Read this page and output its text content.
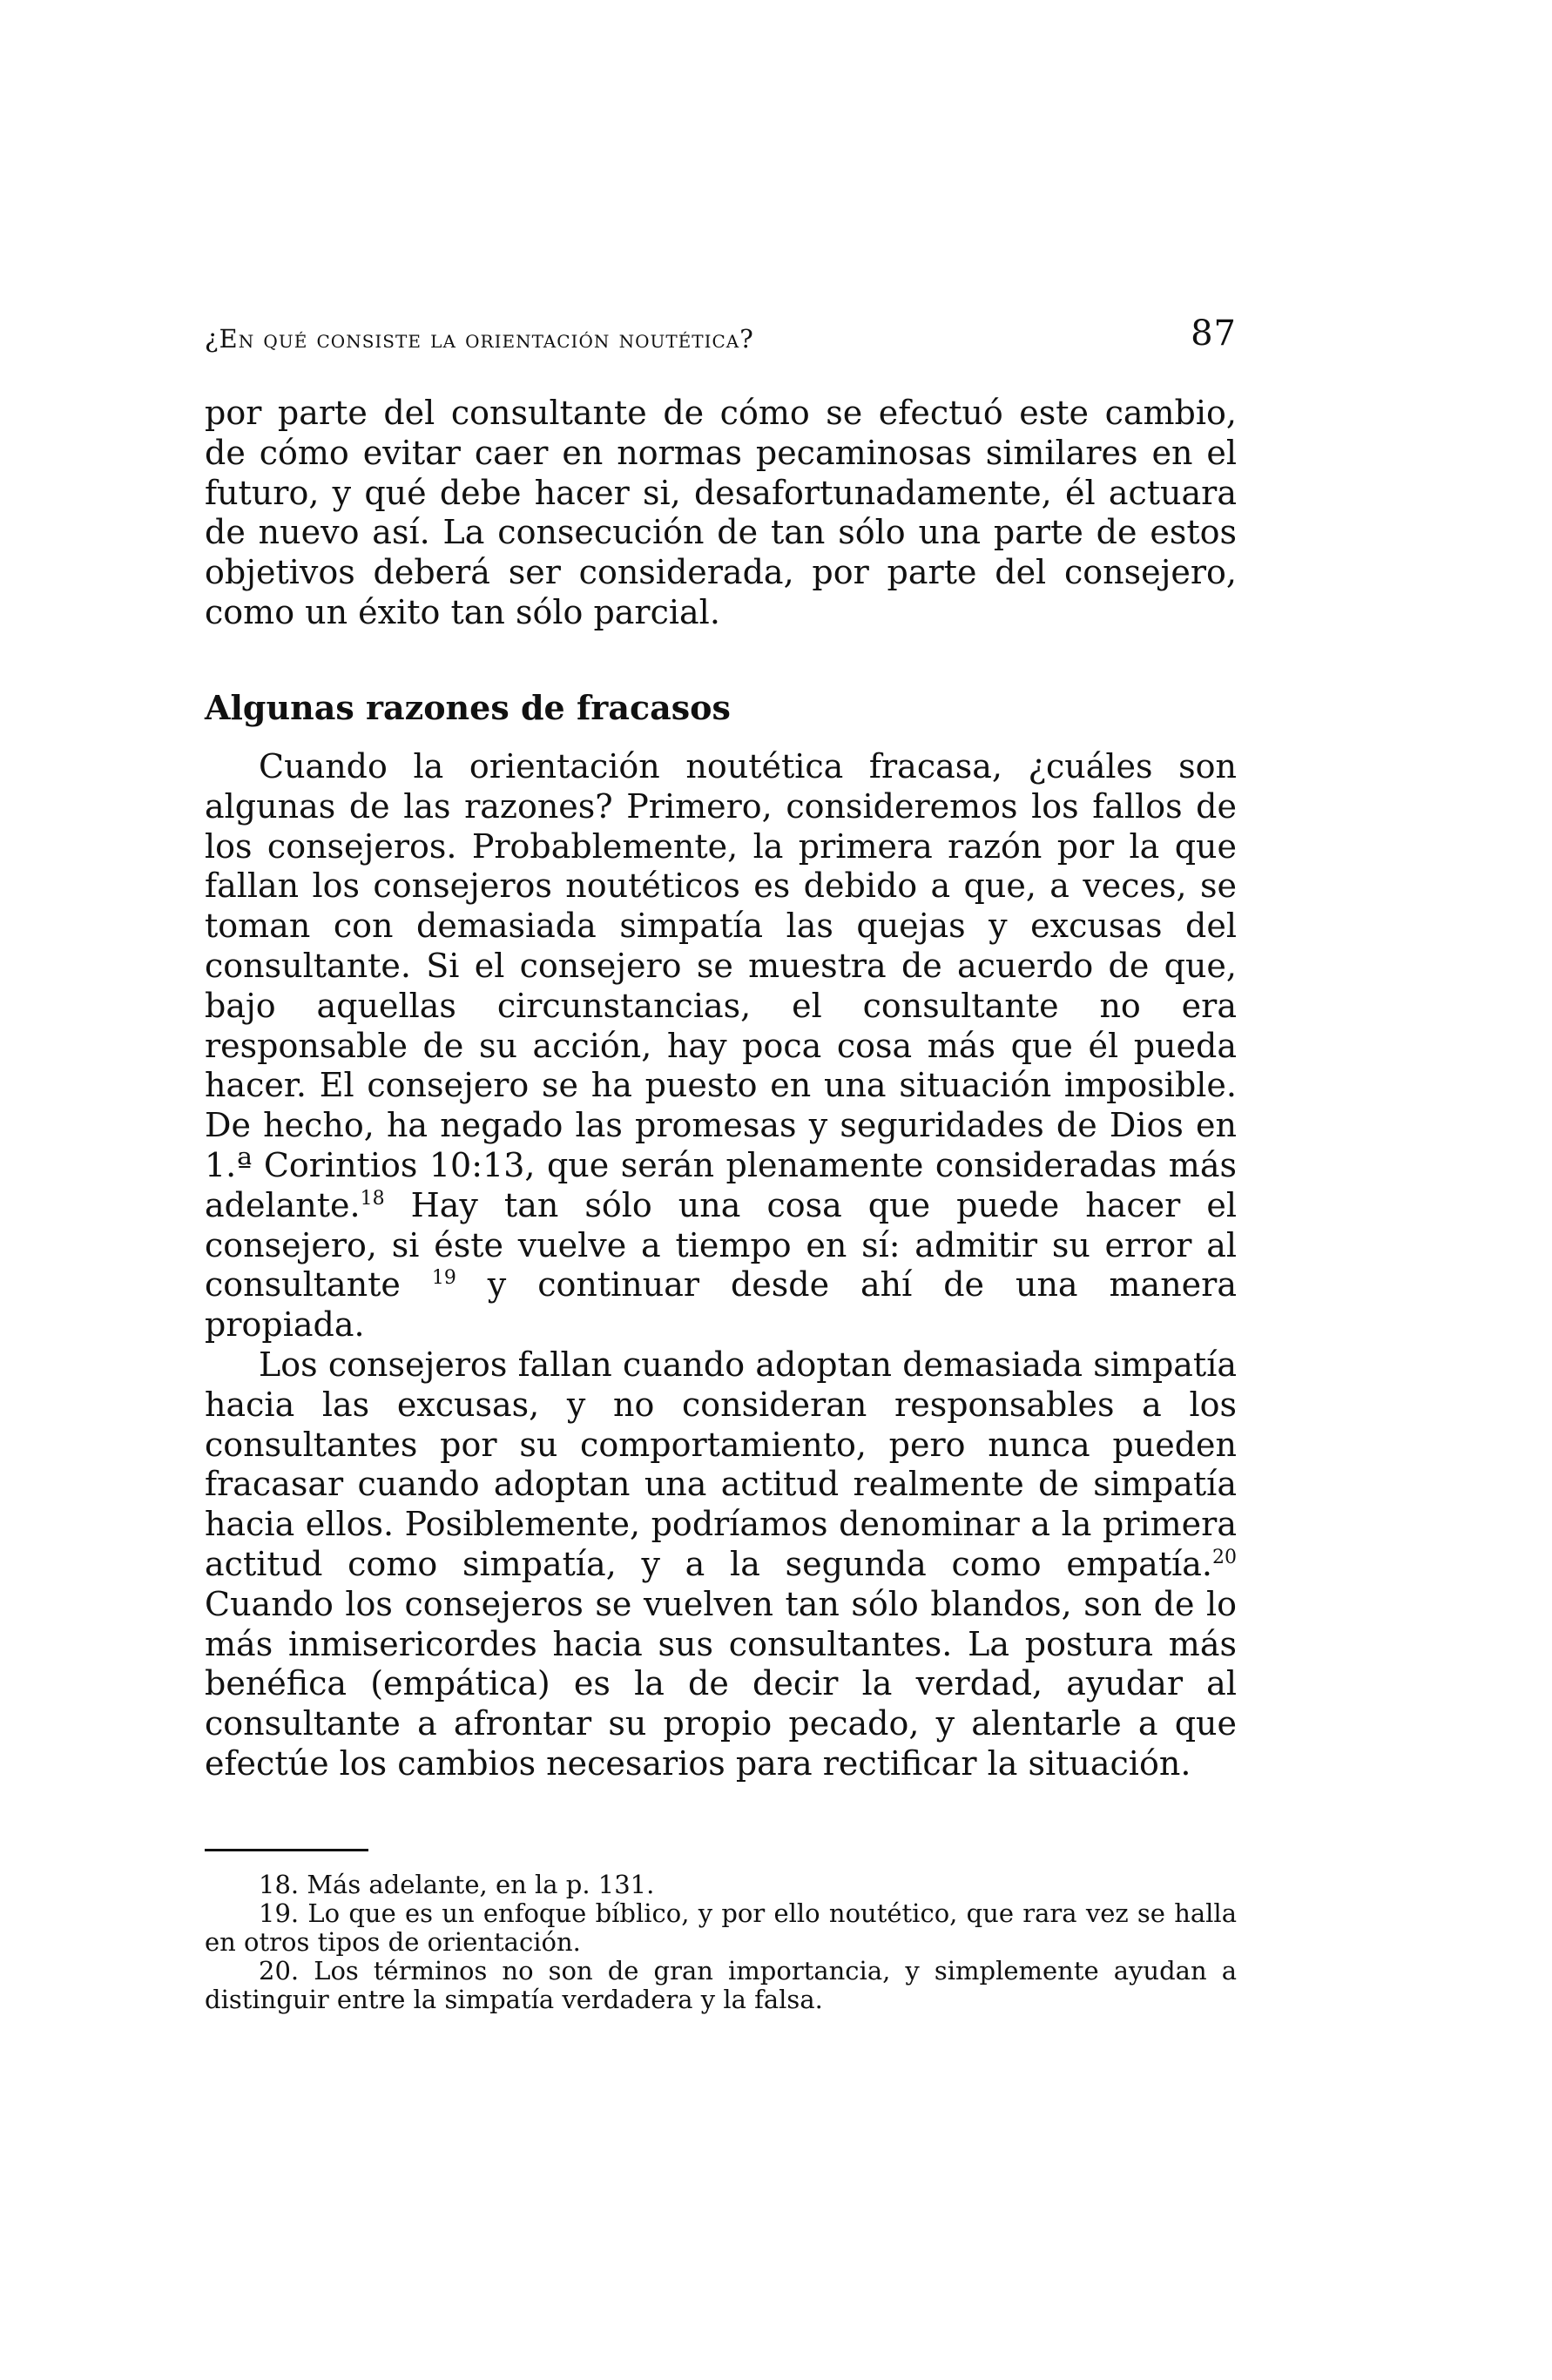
¿En qué consiste la orientación noutética?	87

por parte del consultante de cómo se efectuó este cambio, de cómo evitar caer en normas pecaminosas similares en el futuro, y qué debe hacer si, desafortunadamente, él actuara de nuevo así. La consecución de tan sólo una parte de estos objetivos deberá ser considerada, por parte del consejero, como un éxito tan sólo parcial.

Algunas razones de fracasos

Cuando la orientación noutética fracasa, ¿cuáles son algunas de las razones? Primero, consideremos los fallos de los consejeros. Probablemente, la primera razón por la que fallan los consejeros noutéticos es debido a que, a veces, se toman con demasiada simpatía las quejas y excusas del consultante. Si el consejero se muestra de acuerdo de que, bajo aquellas circunstancias, el consultante no era responsable de su acción, hay poca cosa más que él pueda hacer. El consejero se ha puesto en una situación imposible. De hecho, ha negado las promesas y seguridades de Dios en 1.ª Corintios 10:13, que serán plenamente consideradas más adelante.$^{18}$ Hay tan sólo una cosa que puede hacer el consejero, si éste vuelve a tiempo en sí: admitir su error al consultante $^{19}$ y continuar desde ahí de una manera propiada.

Los consejeros fallan cuando adoptan demasiada simpatía hacia las excusas, y no consideran responsables a los consultantes por su comportamiento, pero nunca pueden fracasar cuando adoptan una actitud realmente de simpatía hacia ellos. Posiblemente, podríamos denominar a la primera actitud como simpatía, y a la segunda como empatía.$^{20}$ Cuando los consejeros se vuelven tan sólo blandos, son de lo más inmisericordes hacia sus consultantes. La postura más benéfica (empática) es la de decir la verdad, ayudar al consultante a afrontar su propio pecado, y alentarle a que efectúe los cambios necesarios para rectificar la situación.

18. Más adelante, en la p. 131.

19. Lo que es un enfoque bíblico, y por ello noutético, que rara vez se halla en otros tipos de orientación.

20. Los términos no son de gran importancia, y simplemente ayudan a distinguir entre la simpatía verdadera y la falsa.
